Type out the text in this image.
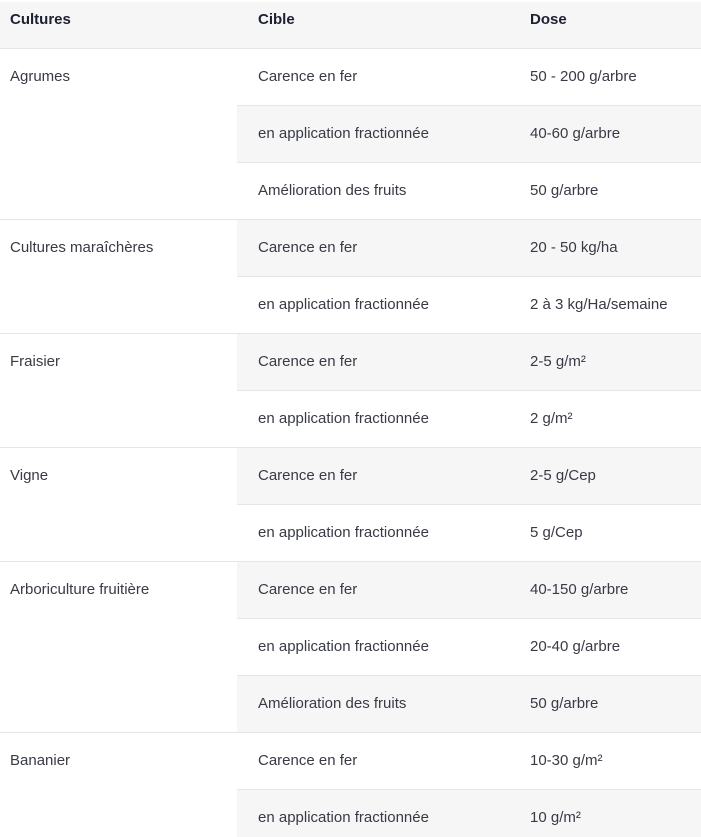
Cultures	Cible	Dose
Agrumes	Carence en fer	50 - 200 g/arbre
	en application fractionnée	40-60 g/arbre
	Amélioration des fruits	50 g/arbre
Cultures maraîchères	Carence en fer	20 - 50 kg/ha
	en application fractionnée	2 à 3 kg/Ha/semaine
Fraisier	Carence en fer	2-5 g/m²
	en application fractionnée	2 g/m²
Vigne	Carence en fer	2-5 g/Cep
	en application fractionnée	5 g/Cep
Arboriculture fruitière	Carence en fer	40-150 g/arbre
	en application fractionnée	20-40 g/arbre
	Amélioration des fruits	50 g/arbre
Bananier	Carence en fer	10-30 g/m²
	en application fractionnée	10 g/m²
